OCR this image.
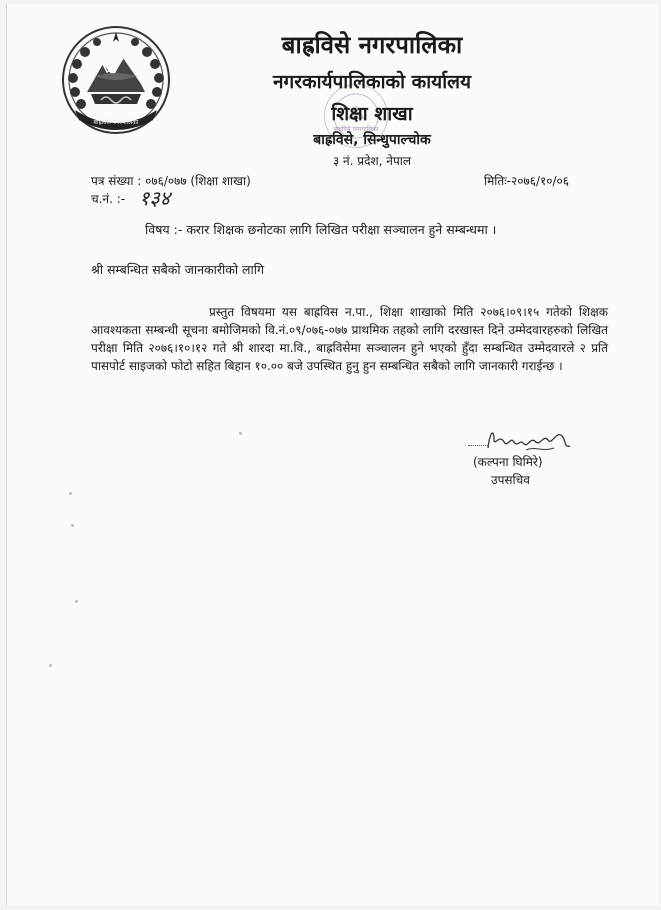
बाह्रविसे नगरपालिका
बाह्रविसे नगरपालिका
बाह्रविसे नगरपालिका
नगरकार्यपालिकाको कार्यालय
शिक्षा शाखा
बाह्रविसे, सिन्धुपाल्चोक
३ नं. प्रदेश, नेपाल
पत्र संख्या : ०७६/०७७ (शिक्षा शाखा)	मितिः-२०७६/१०/०६
च.नं. :- १३४
विषय :- करार शिक्षक छनोटका लागि लिखित परीक्षा सञ्चालन हुने सम्बन्धमा ।
श्री सम्बन्धित सबैको जानकारीको लागि
प्रस्तुत विषयमा यस बाह्रविस न.पा., शिक्षा शाखाको मिति २०७६।०९।१५ गतेको शिक्षक आवश्यकता सम्बन्धी सूचना बमोजिमको वि.नं.०९/०७६-०७७ प्राथमिक तहको लागि दरखास्त दिने उम्मेदवारहरुको लिखित परीक्षा मिति २०७६।१०।१२ गते श्री शारदा मा.वि., बाह्रविसेमा सञ्चालन हुने भएको हुँदा सम्बन्धित उम्मेदवारले २ प्रति पासपोर्ट साइजको फोटो सहित बिहान १०.०० बजे उपस्थित हुनु हुन सम्बन्धित सबैको लागि जानकारी गराईन्छ ।
Bhandari
(कल्पना घिमिरे)
उपसचिव
